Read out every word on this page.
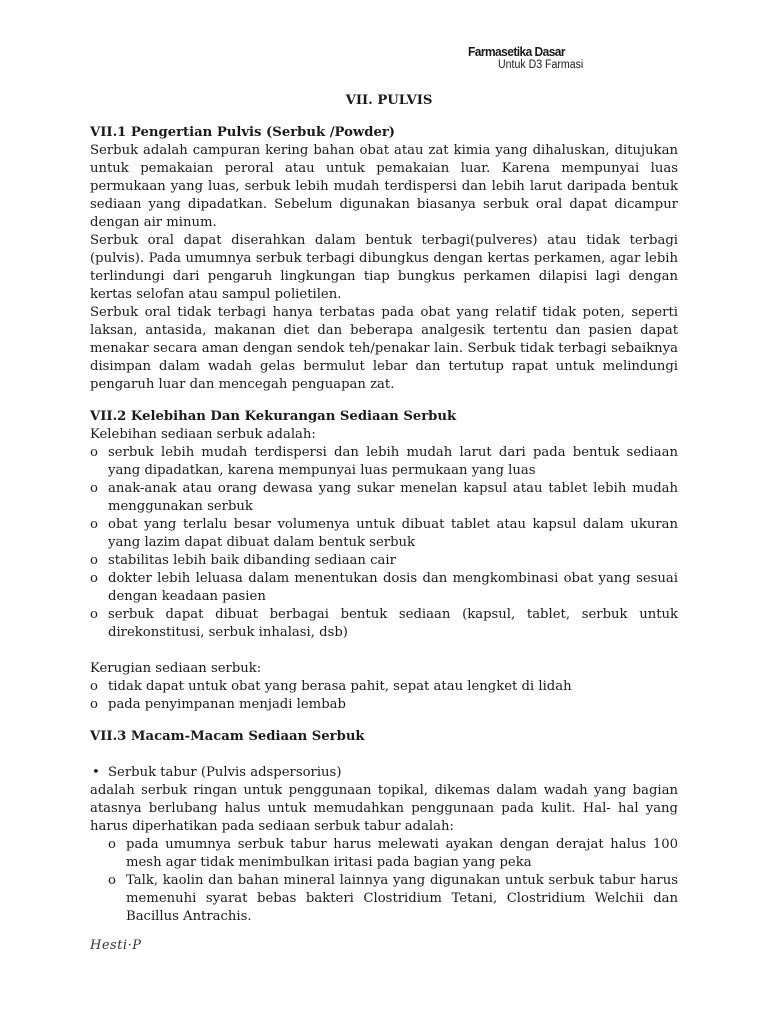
Farmasetika Dasar
Untuk D3 Farmasi
VII. PULVIS
VII.1 Pengertian Pulvis (Serbuk /Powder)

Serbuk adalah campuran kering bahan obat atau zat kimia yang dihaluskan, ditujukan untuk pemakaian peroral atau untuk pemakaian luar. Karena mempunyai luas permukaan yang luas, serbuk lebih mudah terdispersi dan lebih larut daripada bentuk sediaan yang dipadatkan. Sebelum digunakan biasanya serbuk oral dapat dicampur dengan air minum.

Serbuk oral dapat diserahkan dalam bentuk terbagi(pulveres) atau tidak terbagi (pulvis). Pada umumnya serbuk terbagi dibungkus dengan kertas perkamen, agar lebih terlindungi dari pengaruh lingkungan tiap bungkus perkamen dilapisi lagi dengan kertas selofan atau sampul polietilen.

Serbuk oral tidak terbagi hanya terbatas pada obat yang relatif tidak poten, seperti laksan, antasida, makanan diet dan beberapa analgesik tertentu dan pasien dapat menakar secara aman dengan sendok teh/penakar lain. Serbuk tidak terbagi sebaiknya disimpan dalam wadah gelas bermulut lebar dan tertutup rapat untuk melindungi pengaruh luar dan mencegah penguapan zat.

VII.2 Kelebihan Dan Kekurangan Sediaan Serbuk

Kelebihan sediaan serbuk adalah:

o serbuk lebih mudah terdispersi dan lebih mudah larut dari pada bentuk sediaan yang dipadatkan, karena mempunyai luas permukaan yang luas
o anak-anak atau orang dewasa yang sukar menelan kapsul atau tablet lebih mudah menggunakan serbuk
o obat yang terlalu besar volumenya untuk dibuat tablet atau kapsul dalam ukuran yang lazim dapat dibuat dalam bentuk serbuk
o stabilitas lebih baik dibanding sediaan cair
o dokter lebih leluasa dalam menentukan dosis dan mengkombinasi obat yang sesuai dengan keadaan pasien
o serbuk dapat dibuat berbagai bentuk sediaan (kapsul, tablet, serbuk untuk direkonstitusi, serbuk inhalasi, dsb)

Kerugian sediaan serbuk:

o tidak dapat untuk obat yang berasa pahit, sepat atau lengket di lidah
o pada penyimpanan menjadi lembab
VII.3 Macam-Macam Sediaan Serbuk
• Serbuk tabur (Pulvis adspersorius)

adalah serbuk ringan untuk penggunaan topikal, dikemas dalam wadah yang bagian atasnya berlubang halus untuk memudahkan penggunaan pada kulit. Hal- hal yang harus diperhatikan pada sediaan serbuk tabur adalah:

o pada umumnya serbuk tabur harus melewati ayakan dengan derajat halus 100 mesh agar tidak menimbulkan iritasi pada bagian yang peka
o Talk, kaolin dan bahan mineral lainnya yang digunakan untuk serbuk tabur harus memenuhi syarat bebas bakteri Clostridium Tetani, Clostridium Welchii dan Bacillus Antrachis.
Hesti·P
